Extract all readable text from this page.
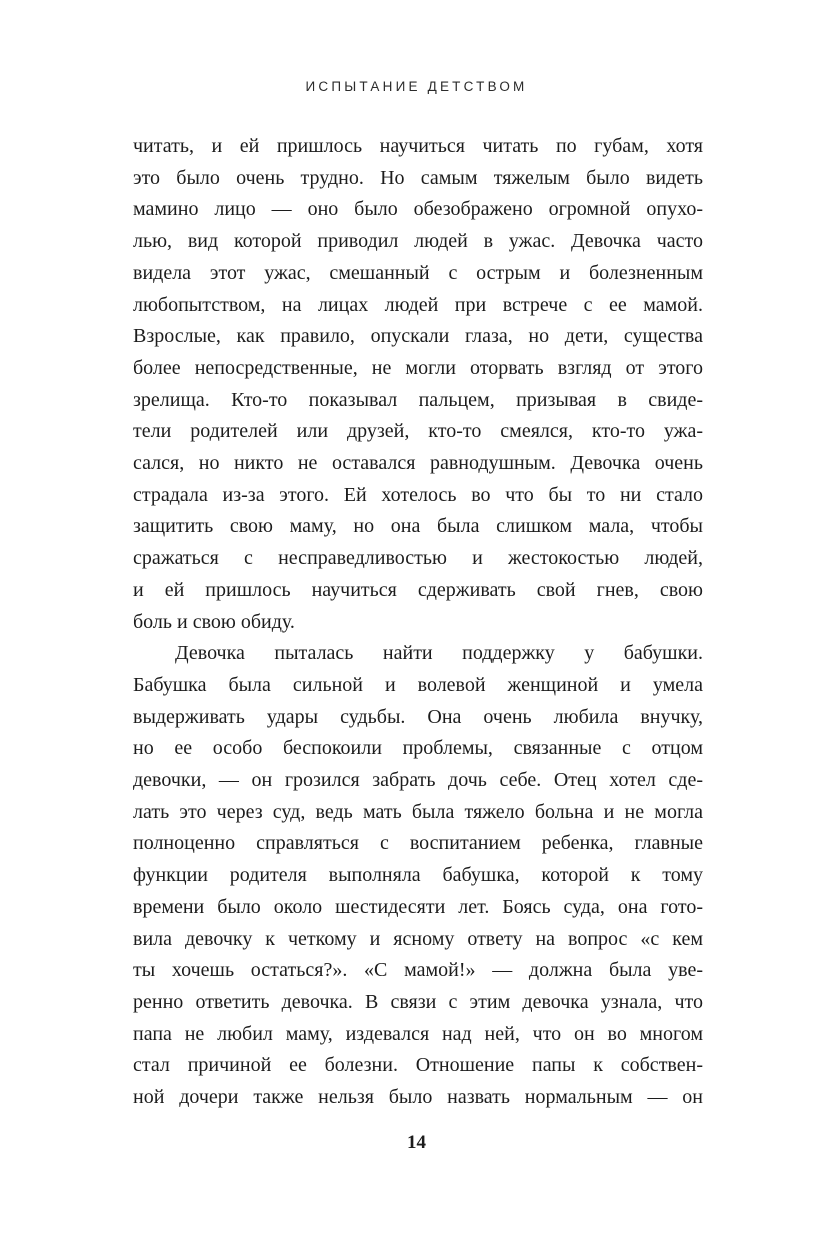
ИСПЫТАНИЕ ДЕТСТВОМ
читать, и ей пришлось научиться читать по губам, хотя
это было очень трудно. Но самым тяжелым было видеть
мамино лицо — оно было обезображено огромной опухо-
лью, вид которой приводил людей в ужас. Девочка часто
видела этот ужас, смешанный с острым и болезненным
любопытством, на лицах людей при встрече с ее мамой.
Взрослые, как правило, опускали глаза, но дети, существа
более непосредственные, не могли оторвать взгляд от этого
зрелища. Кто-то показывал пальцем, призывая в свиде-
тели родителей или друзей, кто-то смеялся, кто-то ужа-
сался, но никто не оставался равнодушным. Девочка очень
страдала из-за этого. Ей хотелось во что бы то ни стало
защитить свою маму, но она была слишком мала, чтобы
сражаться с несправедливостью и жестокостью людей,
и ей пришлось научиться сдерживать свой гнев, свою
боль и свою обиду.
Девочка пыталась найти поддержку у бабушки.
Бабушка была сильной и волевой женщиной и умела
выдерживать удары судьбы. Она очень любила внучку,
но ее особо беспокоили проблемы, связанные с отцом
девочки, — он грозился забрать дочь себе. Отец хотел сде-
лать это через суд, ведь мать была тяжело больна и не могла
полноценно справляться с воспитанием ребенка, главные
функции родителя выполняла бабушка, которой к тому
времени было около шестидесяти лет. Боясь суда, она гото-
вила девочку к четкому и ясному ответу на вопрос «с кем
ты хочешь остаться?». «С мамой!» — должна была уве-
ренно ответить девочка. В связи с этим девочка узнала, что
папа не любил маму, издевался над ней, что он во многом
стал причиной ее болезни. Отношение папы к собствен-
ной дочери также нельзя было назвать нормальным — он
14
